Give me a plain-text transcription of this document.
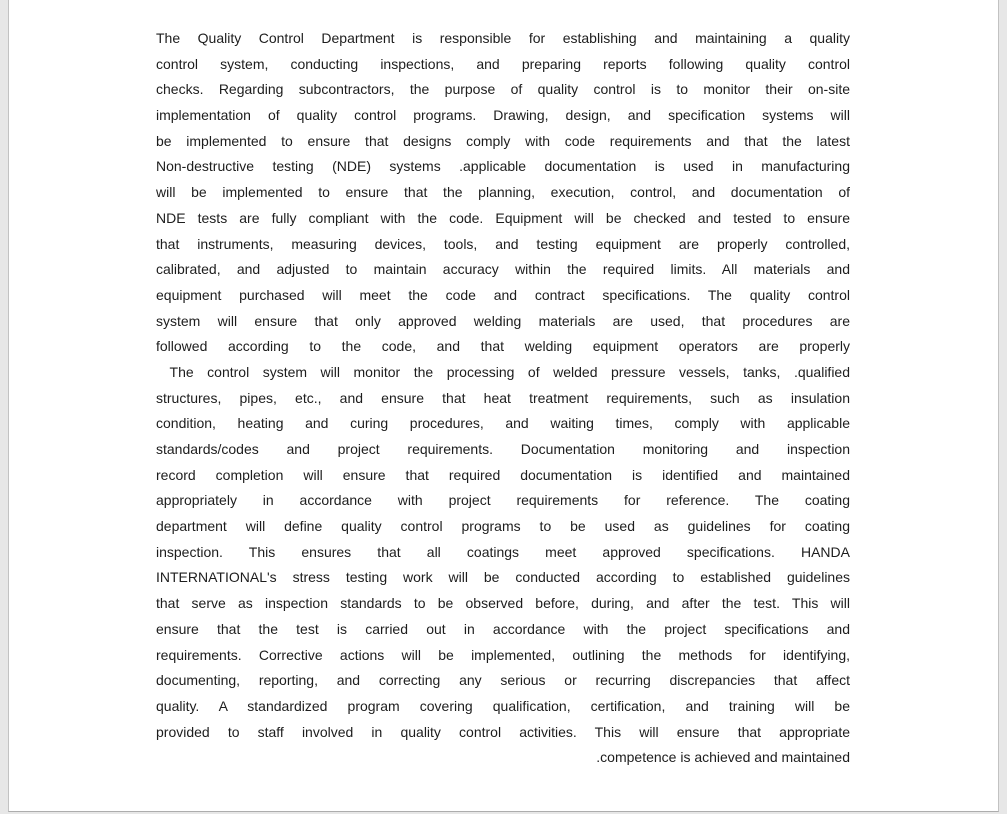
The Quality Control Department is responsible for establishing and maintaining a quality
control system, conducting inspections, and preparing reports following quality control
checks. Regarding subcontractors, the purpose of quality control is to monitor their on-site
implementation of quality control programs. Drawing, design, and specification systems will
be implemented to ensure that designs comply with code requirements and that the latest
Non-destructive testing (NDE) systems .applicable documentation is used in manufacturing
will be implemented to ensure that the planning, execution, control, and documentation of
NDE tests are fully compliant with the code. Equipment will be checked and tested to ensure
that instruments, measuring devices, tools, and testing equipment are properly controlled,
calibrated, and adjusted to maintain accuracy within the required limits. All materials and
equipment purchased will meet the code and contract specifications. The quality control
system will ensure that only approved welding materials are used, that procedures are
followed according to the code, and that welding equipment operators are properly
The control system will monitor the processing of welded pressure vessels, tanks, .qualified
structures, pipes, etc., and ensure that heat treatment requirements, such as insulation
condition, heating and curing procedures, and waiting times, comply with applicable
standards/codes and project requirements. Documentation monitoring and inspection
record completion will ensure that required documentation is identified and maintained
appropriately in accordance with project requirements for reference. The coating
department will define quality control programs to be used as guidelines for coating
inspection. This ensures that all coatings meet approved specifications. HANDA
INTERNATIONAL's stress testing work will be conducted according to established guidelines
that serve as inspection standards to be observed before, during, and after the test. This will
ensure that the test is carried out in accordance with the project specifications and
requirements. Corrective actions will be implemented, outlining the methods for identifying,
documenting, reporting, and correcting any serious or recurring discrepancies that affect
quality. A standardized program covering qualification, certification, and training will be
provided to staff involved in quality control activities. This will ensure that appropriate
.competence is achieved and maintained
